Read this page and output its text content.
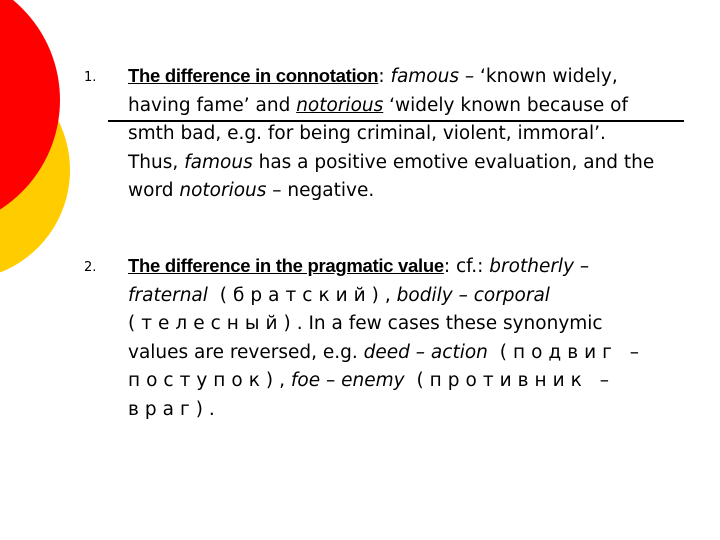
1. The difference in connotation: famous – ‘known widely, having fame’ and notorious ‘widely known because of smth bad, e.g. for being criminal, violent, immoral’. Thus, famous has a positive emotive evaluation, and the word notorious – negative.
2. The difference in the pragmatic value: cf.: brotherly – fraternal (братский), bodily – corporal (телесный). In a few cases these synonymic values are reversed, e.g. deed – action (подвиг – поступок), foe – enemy (противник – враг).
